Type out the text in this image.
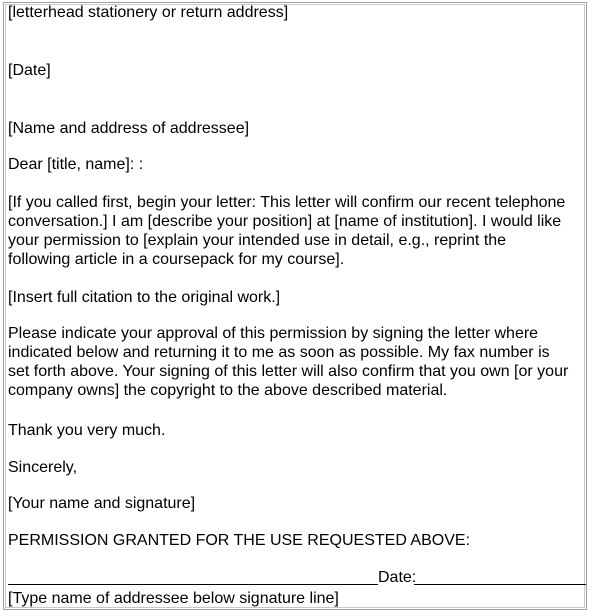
[letterhead stationery or return address]
[Date]
[Name and address of addressee]
Dear [title, name]: :
[If you called first, begin your letter: This letter will confirm our recent telephone
conversation.] I am [describe your position] at [name of institution]. I would like
your permission to [explain your intended use in detail, e.g., reprint the
following article in a coursepack for my course].
[Insert full citation to the original work.]
Please indicate your approval of this permission by signing the letter where
indicated below and returning it to me as soon as possible. My fax number is
set forth above. Your signing of this letter will also confirm that you own [or your
company owns] the copyright to the above described material.
Thank you very much.
Sincerely,
[Your name and signature]
PERMISSION GRANTED FOR THE USE REQUESTED ABOVE:
Date:
[Type name of addressee below signature line]
